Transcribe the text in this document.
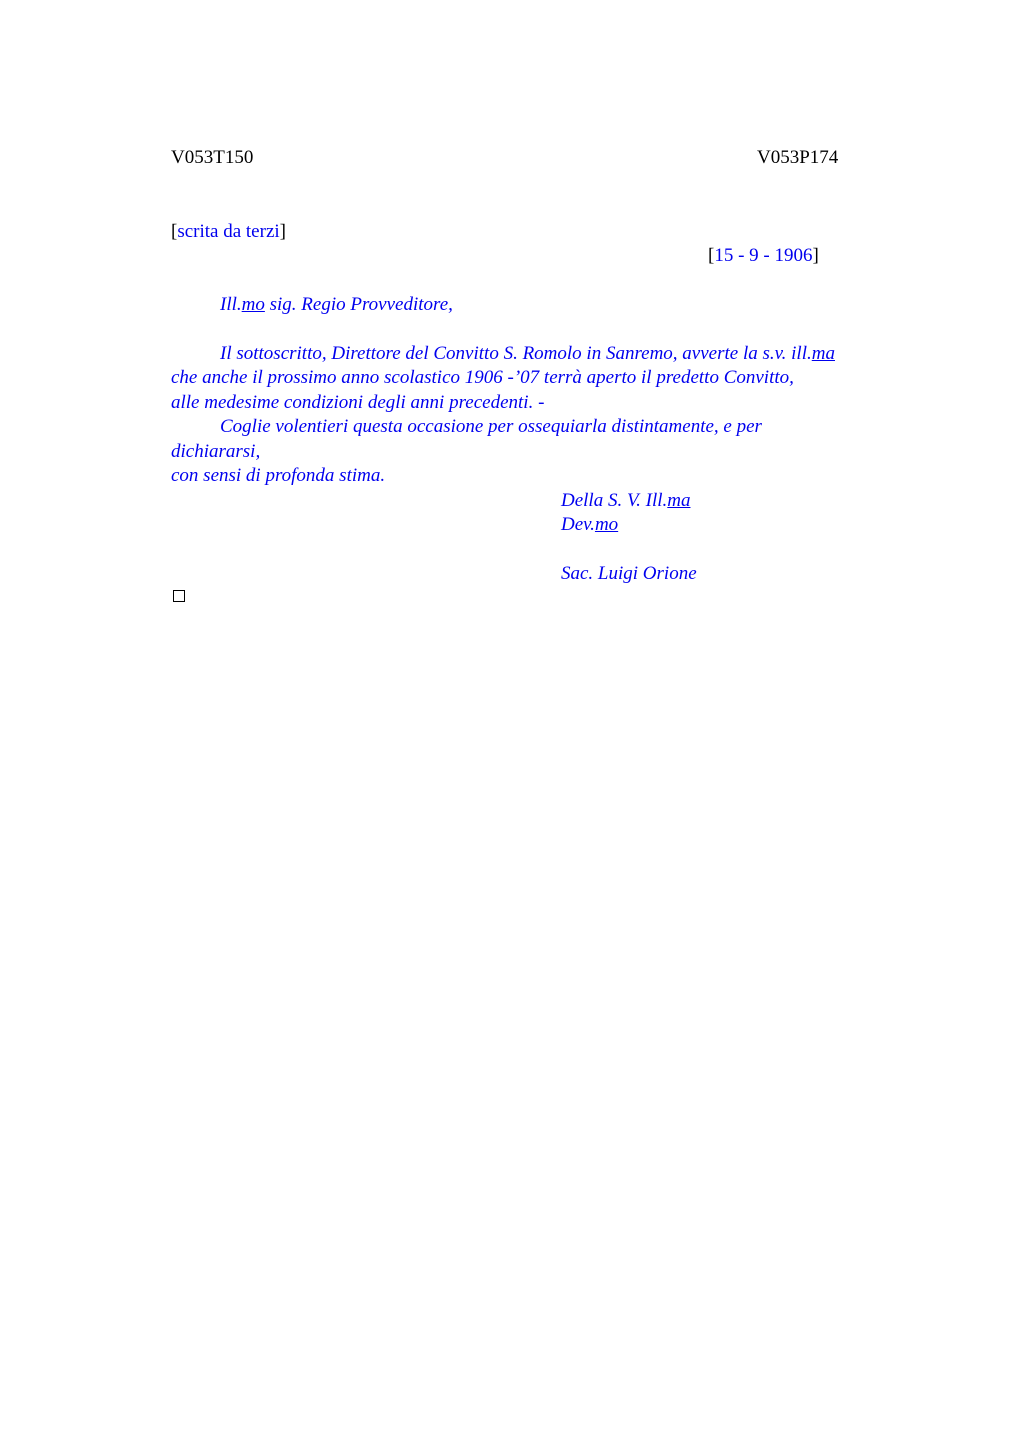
V053T150	V053P174
[scrita da terzi]
[15 - 9 - 1906]
Ill.mo sig. Regio Provveditore,
Il sottoscritto, Direttore del Convitto S. Romolo in Sanremo, avverte la s.v. ill.ma
che anche il prossimo anno scolastico 1906 -’07 terrà aperto il predetto Convitto,
alle medesime condizioni degli anni precedenti. -
Coglie volentieri questa occasione per ossequiarla distintamente, e per
dichiararsi,
con sensi di profonda stima.
Della S. V. Ill.ma
Dev.mo
Sac. Luigi Orione
